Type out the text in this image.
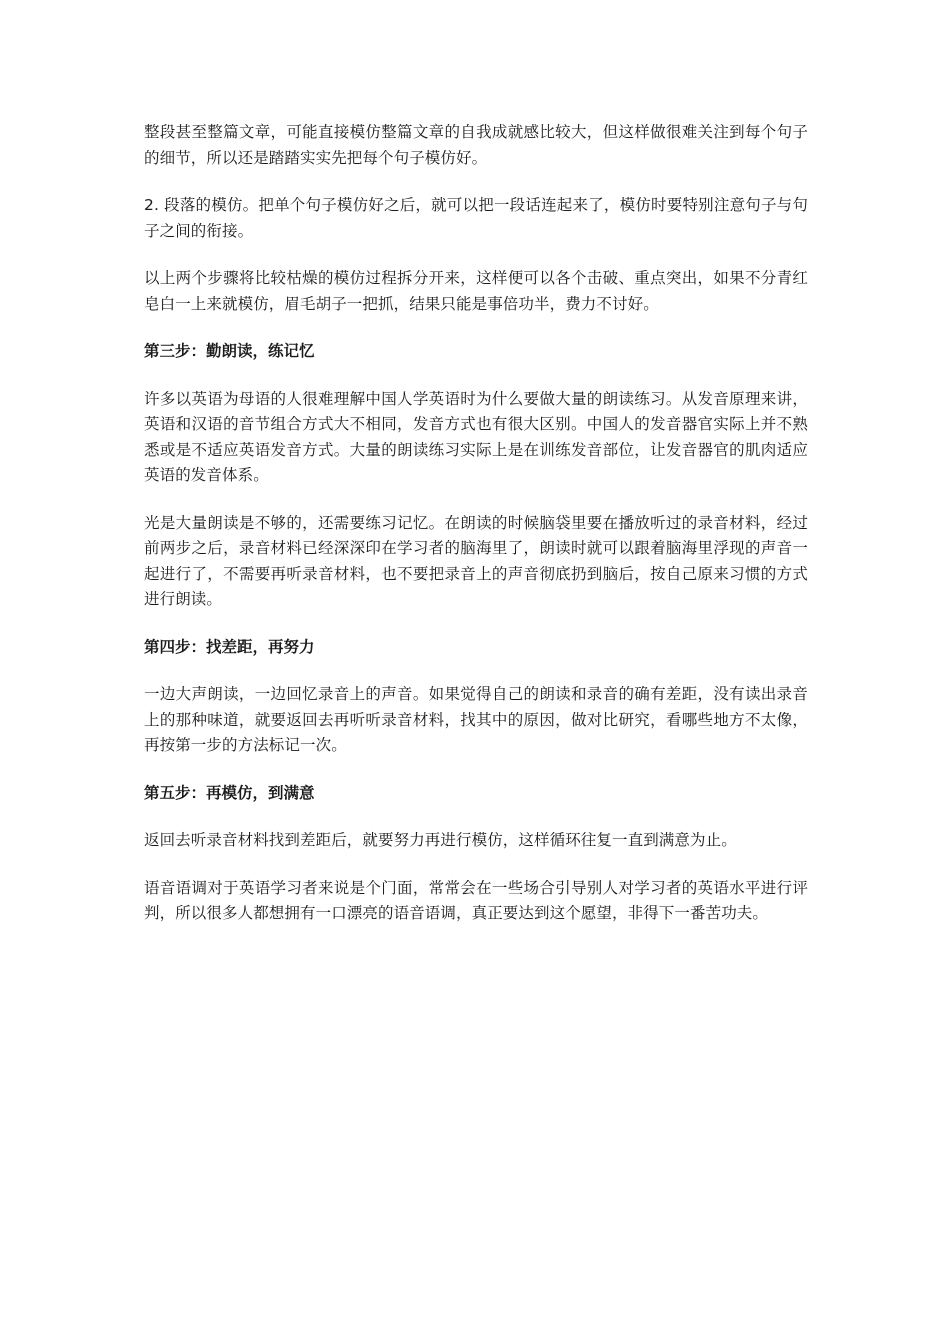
整段甚至整篇文章，可能直接模仿整篇文章的自我成就感比较大，但这样做很难关注到每个句子的细节，所以还是踏踏实实先把每个句子模仿好。

2. 段落的模仿。把单个句子模仿好之后，就可以把一段话连起来了，模仿时要特别注意句子与句子之间的衔接。

以上两个步骤将比较枯燥的模仿过程拆分开来，这样便可以各个击破、重点突出，如果不分青红皂白一上来就模仿，眉毛胡子一把抓，结果只能是事倍功半，费力不讨好。

第三步：勤朗读，练记忆

许多以英语为母语的人很难理解中国人学英语时为什么要做大量的朗读练习。从发音原理来讲，英语和汉语的音节组合方式大不相同，发音方式也有很大区别。中国人的发音器官实际上并不熟悉或是不适应英语发音方式。大量的朗读练习实际上是在训练发音部位，让发音器官的肌肉适应英语的发音体系。

光是大量朗读是不够的，还需要练习记忆。在朗读的时候脑袋里要在播放听过的录音材料，经过前两步之后，录音材料已经深深印在学习者的脑海里了，朗读时就可以跟着脑海里浮现的声音一起进行了，不需要再听录音材料，也不要把录音上的声音彻底扔到脑后，按自己原来习惯的方式进行朗读。

第四步：找差距，再努力

一边大声朗读，一边回忆录音上的声音。如果觉得自己的朗读和录音的确有差距，没有读出录音上的那种味道，就要返回去再听听录音材料，找其中的原因，做对比研究，看哪些地方不太像，再按第一步的方法标记一次。

第五步：再模仿，到满意

返回去听录音材料找到差距后，就要努力再进行模仿，这样循环往复一直到满意为止。

语音语调对于英语学习者来说是个门面，常常会在一些场合引导别人对学习者的英语水平进行评判，所以很多人都想拥有一口漂亮的语音语调，真正要达到这个愿望，非得下一番苦功夫。
